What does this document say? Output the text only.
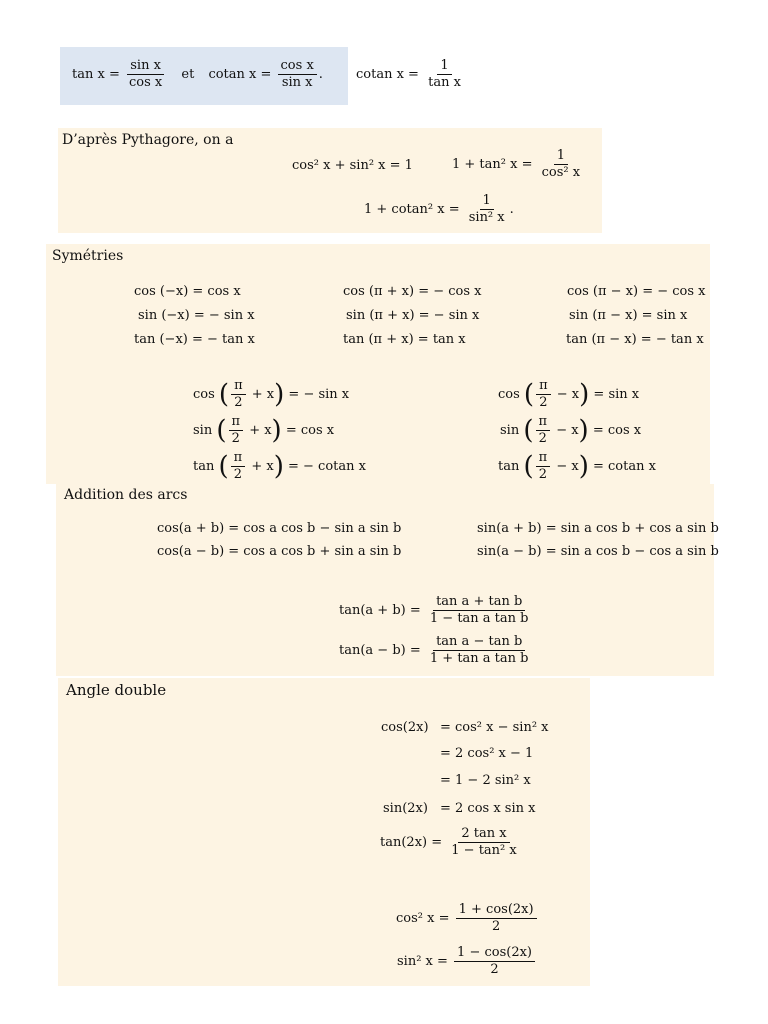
$\tan x = \frac{\text{sin x}}{\text{cos x}}$ et cotan $x = \frac{\text{cos x}}{\text{sin x}}$ .	cotan $x = \frac{1}{\text{tan x}}$
D’après Pythagore, on a
cos² x + sin² x = 1	1 + tan² $x = \frac{1}{\text{cos² x}}$
1 + cotan² $x = \frac{1}{\text{sin² x}}$ .
Symétries
cos (−x) = cos x
sin (−x) = − sin x
tan (−x) = − tan x
cos (π + x) = − cos x
sin (π + x) = − sin x
tan (π + x) = tan x
cos (π − x) = − cos x
sin (π − x) = sin x
tan (π − x) = − tan x
cos ( $\frac{\pi}{2} + x$) = − sin x
sin ( $\frac{\pi}{2} + x) = \cos x$
tan ( $\frac{\pi}{2} + x$) = − cotan x
cos ( $\frac{\pi}{2} - x) = \sin x$
sin ( $\frac{\pi}{2} - x) = \cos x$
tan ( $\frac{\pi}{2} - x) = cotan$ x
Addition des arcs
cos(a + b) = cos a cos b − sin a sin b
cos(a − b) = cos a cos b + sin a sin b
sin(a + b) = sin a cos b + cos a sin b
sin(a − b) = sin a cos b − cos a sin b
$\tan(a + b) = \frac{\text{tan a + tan b}}{\text{1 − tan a tan b}}$
$\tan(a - b) = \frac{\text{tan a − tan b}}{\text{1 + tan a tan b}}$
Angle double
cos(2x) = cos² x − sin² x
= 2 cos² x − 1
= 1 − 2 sin² x
sin(2x) = 2 cos x sin x
$\tan(2x) = \frac{\text{2 tan x}}{\text{1 − tan² x}}$
cos² $x = \frac{1 + \cos(2x)}{2}$
sin² $x = \frac{1 - \cos(2x)}{2}$
